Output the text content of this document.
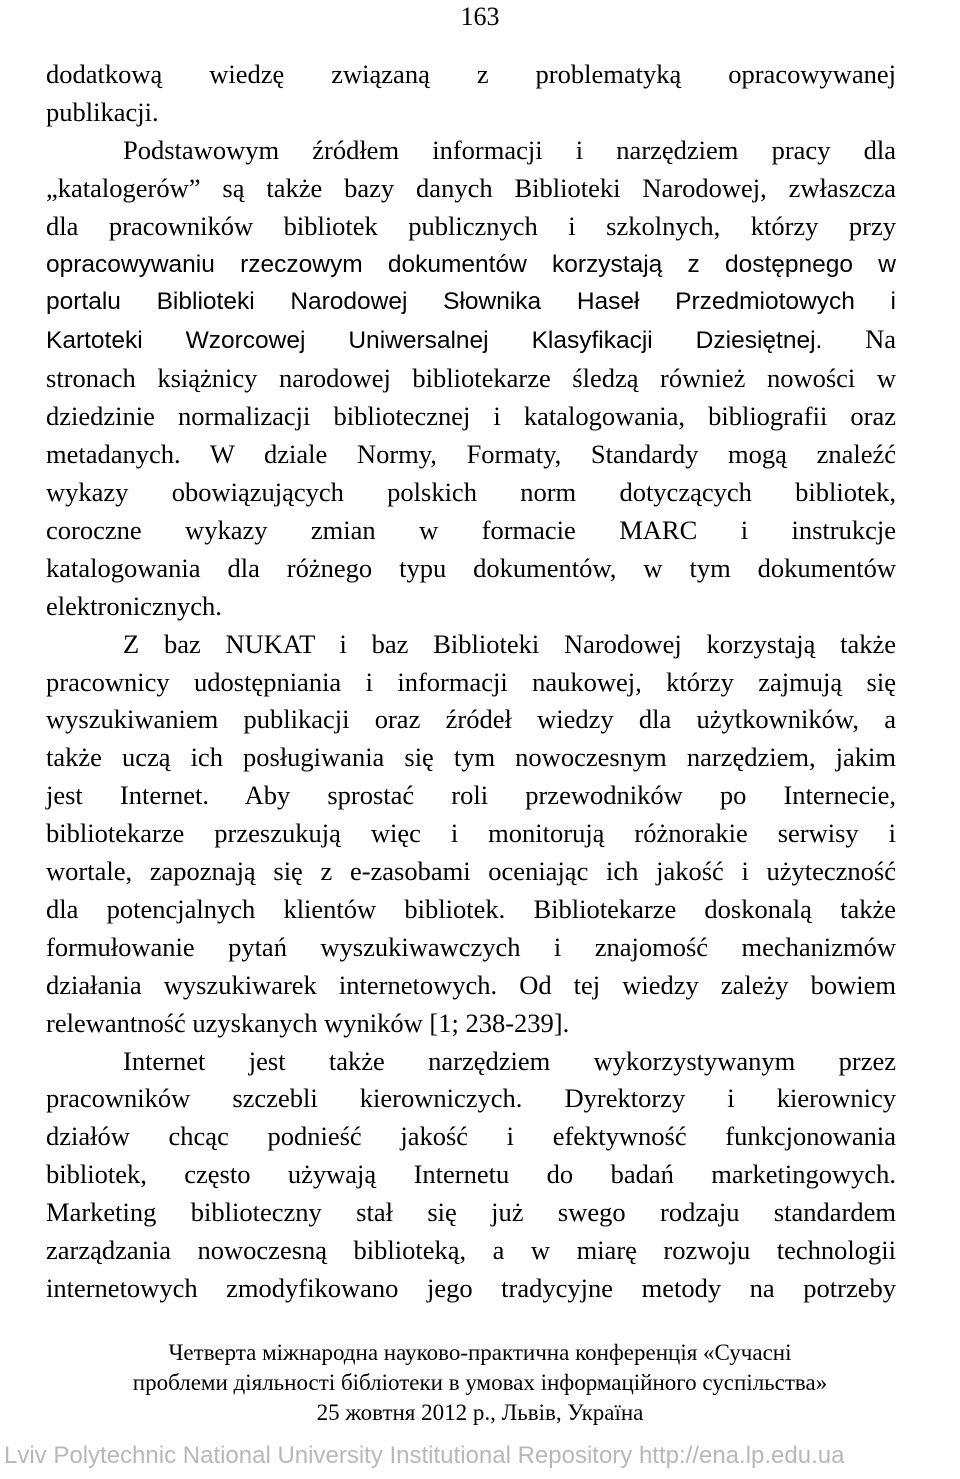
163

dodatkową wiedzę związaną z problematyką opracowywanej

publikacji.

Podstawowym źródłem informacji i narzędziem pracy dla

„katalogerów” są także bazy danych Biblioteki Narodowej, zwłaszcza

dla pracowników bibliotek publicznych i szkolnych, którzy przy

opracowywaniu rzeczowym dokumentów korzystają z dostępnego w

portalu Biblioteki Narodowej Słownika Haseł Przedmiotowych i

Kartoteki Wzorcowej Uniwersalnej Klasyfikacji Dziesiętnej. Na

stronach książnicy narodowej bibliotekarze śledzą również nowości w

dziedzinie normalizacji bibliotecznej i katalogowania, bibliografii oraz

metadanych. W dziale Normy, Formaty, Standardy mogą znaleźć

wykazy obowiązujących polskich norm dotyczących bibliotek,

coroczne wykazy zmian w formacie MARC i instrukcje

katalogowania dla różnego typu dokumentów, w tym dokumentów

elektronicznych.

Z baz NUKAT i baz Biblioteki Narodowej korzystają także

pracownicy udostępniania i informacji naukowej, którzy zajmują się

wyszukiwaniem publikacji oraz źródeł wiedzy dla użytkowników, a

także uczą ich posługiwania się tym nowoczesnym narzędziem, jakim

jest Internet. Aby sprostać roli przewodników po Internecie,

bibliotekarze przeszukują więc i monitorują różnorakie serwisy i

wortale, zapoznają się z e-zasobami oceniając ich jakość i użyteczność

dla potencjalnych klientów bibliotek. Bibliotekarze doskonalą także

formułowanie pytań wyszukiwawczych i znajomość mechanizmów

działania wyszukiwarek internetowych. Od tej wiedzy zależy bowiem

relewantność uzyskanych wyników [1; 238-239].

Internet jest także narzędziem wykorzystywanym przez

pracowników szczebli kierowniczych. Dyrektorzy i kierownicy

działów chcąc podnieść jakość i efektywność funkcjonowania

bibliotek, często używają Internetu do badań marketingowych.

Marketing biblioteczny stał się już swego rodzaju standardem

zarządzania nowoczesną biblioteką, a w miarę rozwoju technologii

internetowych zmodyfikowano jego tradycyjne metody na potrzeby

Четверта міжнародна науково-практична конференція «Сучасні
проблеми діяльності бібліотеки в умовах інформаційного суспільства»
25 жовтня 2012 р., Львів, Україна
Lviv Polytechnic National University Institutional Repository http://ena.lp.edu.ua
